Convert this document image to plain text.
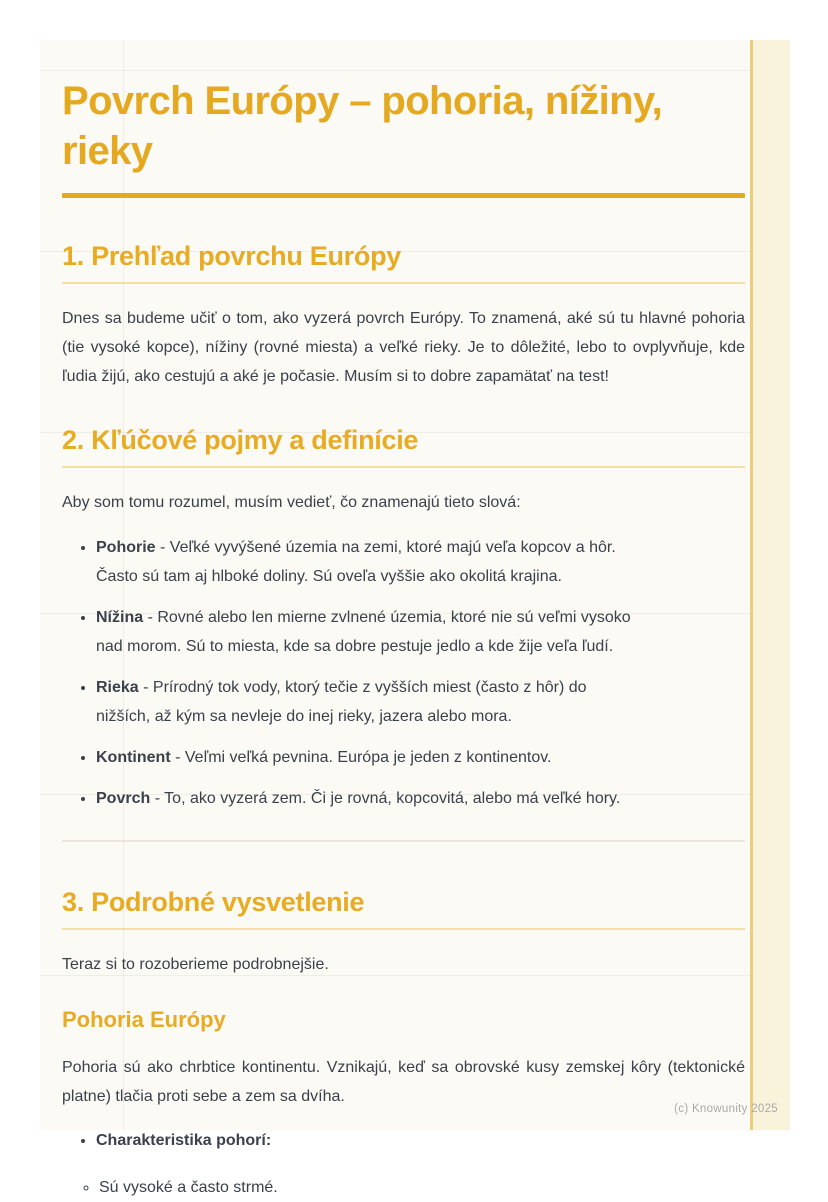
Povrch Európy – pohoria, nížiny, rieky
1. Prehľad povrchu Európy

Dnes sa budeme učiť o tom, ako vyzerá povrch Európy. To znamená, aké sú tu hlavné pohoria (tie vysoké kopce), nížiny (rovné miesta) a veľké rieky. Je to dôležité, lebo to ovplyvňuje, kde ľudia žijú, ako cestujú a aké je počasie. Musím si to dobre zapamätať na test!

2. Kľúčové pojmy a definície

Aby som tomu rozumel, musím vedieť, čo znamenajú tieto slová:

• Pohorie - Veľké vyvýšené územia na zemi, ktoré majú veľa kopcov a hôr. Často sú tam aj hlboké doliny. Sú oveľa vyššie ako okolitá krajina.
• Nížina - Rovné alebo len mierne zvlnené územia, ktoré nie sú veľmi vysoko nad morom. Sú to miesta, kde sa dobre pestuje jedlo a kde žije veľa ľudí.
• Rieka - Prírodný tok vody, ktorý tečie z vyšších miest (často z hôr) do nižších, až kým sa nevleje do inej rieky, jazera alebo mora.
• Kontinent - Veľmi veľká pevnina. Európa je jeden z kontinentov.
• Povrch - To, ako vyzerá zem. Či je rovná, kopcovitá, alebo má veľké hory.
3. Podrobné vysvetlenie

Teraz si to rozoberieme podrobnejšie.

Pohoria Európy

Pohoria sú ako chrbtice kontinentu. Vznikajú, keď sa obrovské kusy zemskej kôry (tektonické platne) tlačia proti sebe a zem sa dvíha.

• Charakteristika pohorí:
◦ Sú vysoké a často strmé.
(c) Knowunity 2025
